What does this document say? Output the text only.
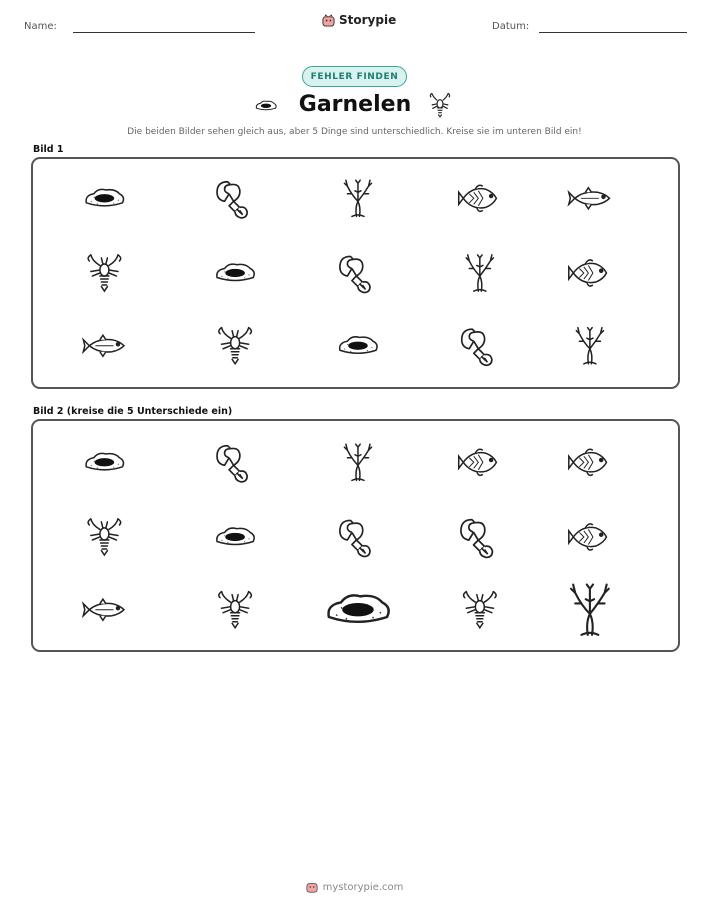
Name:	Storypie	Datum:
FEHLER FINDEN
Garnelen
Die beiden Bilder sehen gleich aus, aber 5 Dinge sind unterschiedlich. Kreise sie im unteren Bild ein!
Bild 1
Bild 2 (kreise die 5 Unterschiede ein)
mystorypie.com
